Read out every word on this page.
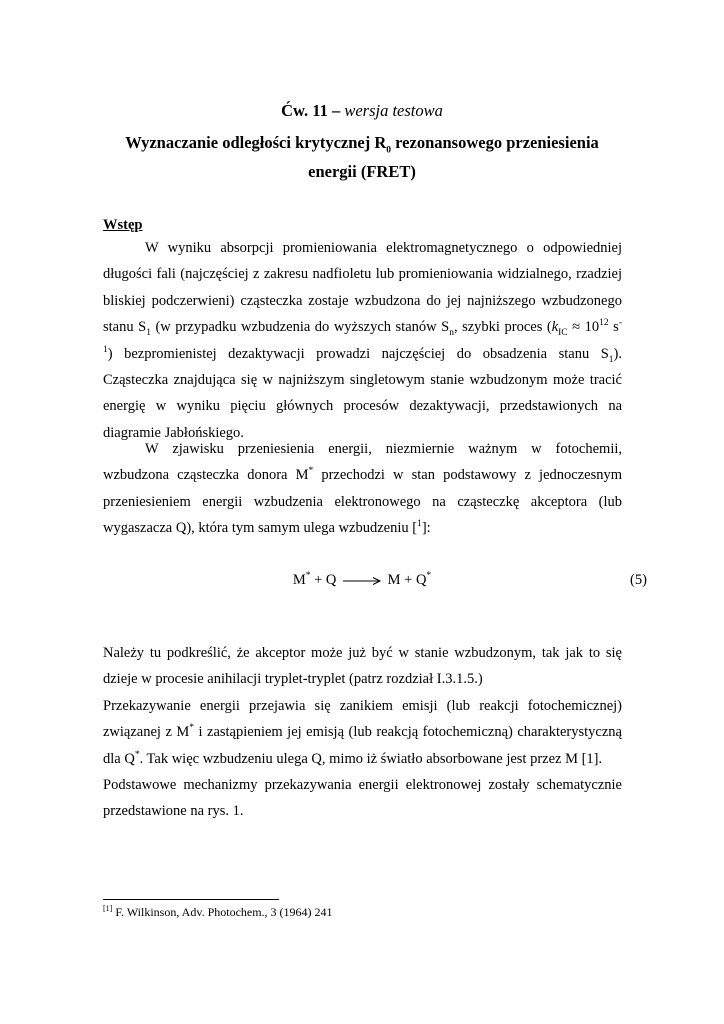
Ćw. 11 – wersja testowa
Wyznaczanie odległości krytycznej $R_0$ rezonansowego przeniesienia
energii (FRET)
Wstęp
W wyniku absorpcji promieniowania elektromagnetycznego o odpowiedniej
długości fali (najczęściej z zakresu nadfioletu lub promieniowania widzialnego, rzadziej
bliskiej podczerwieni) cząsteczka zostaje wzbudzona do jej najniższego wzbudzonego
stanu $S_1$ (w przypadku wzbudzenia do wyższych stanów $S_n$, szybki proces ($k_{IC} \approx 10^{12}$ s-
$^1$) bezpromienistej dezaktywacji prowadzi najczęściej do obsadzenia stanu $S_1$).
Cząsteczka znajdująca się w najniższym singletowym stanie wzbudzonym może tracić
energię w wyniku pięciu głównych procesów dezaktywacji, przedstawionych na
diagramie Jabłońskiego.
W zjawisku przeniesienia energii, niezmiernie ważnym w fotochemii,
wzbudzona cząsteczka donora M* przechodzi w stan podstawowy z jednoczesnym
przeniesieniem energii wzbudzenia elektronowego na cząsteczkę akceptora (lub
wygaszacza Q), która tym samym ulega wzbudzeniu [$^1$]:
M* + Q	M + Q*	(5)
Należy tu podkreślić, że akceptor może już być w stanie wzbudzonym, tak jak to się
dzieje w procesie anihilacji tryplet-tryplet (patrz rozdział I.3.1.5.)
Przekazywanie energii przejawia się zanikiem emisji (lub reakcji fotochemicznej)
związanej z M* i zastąpieniem jej emisją (lub reakcją fotochemiczną) charakterystyczną
dla Q*. Tak więc wzbudzeniu ulega Q, mimo iż światło absorbowane jest przez M [1].
Podstawowe mechanizmy przekazywania energii elektronowej zostały schematycznie
przedstawione na rys. 1.
[1] F. Wilkinson, Adv. Photochem., 3 (1964) 241
